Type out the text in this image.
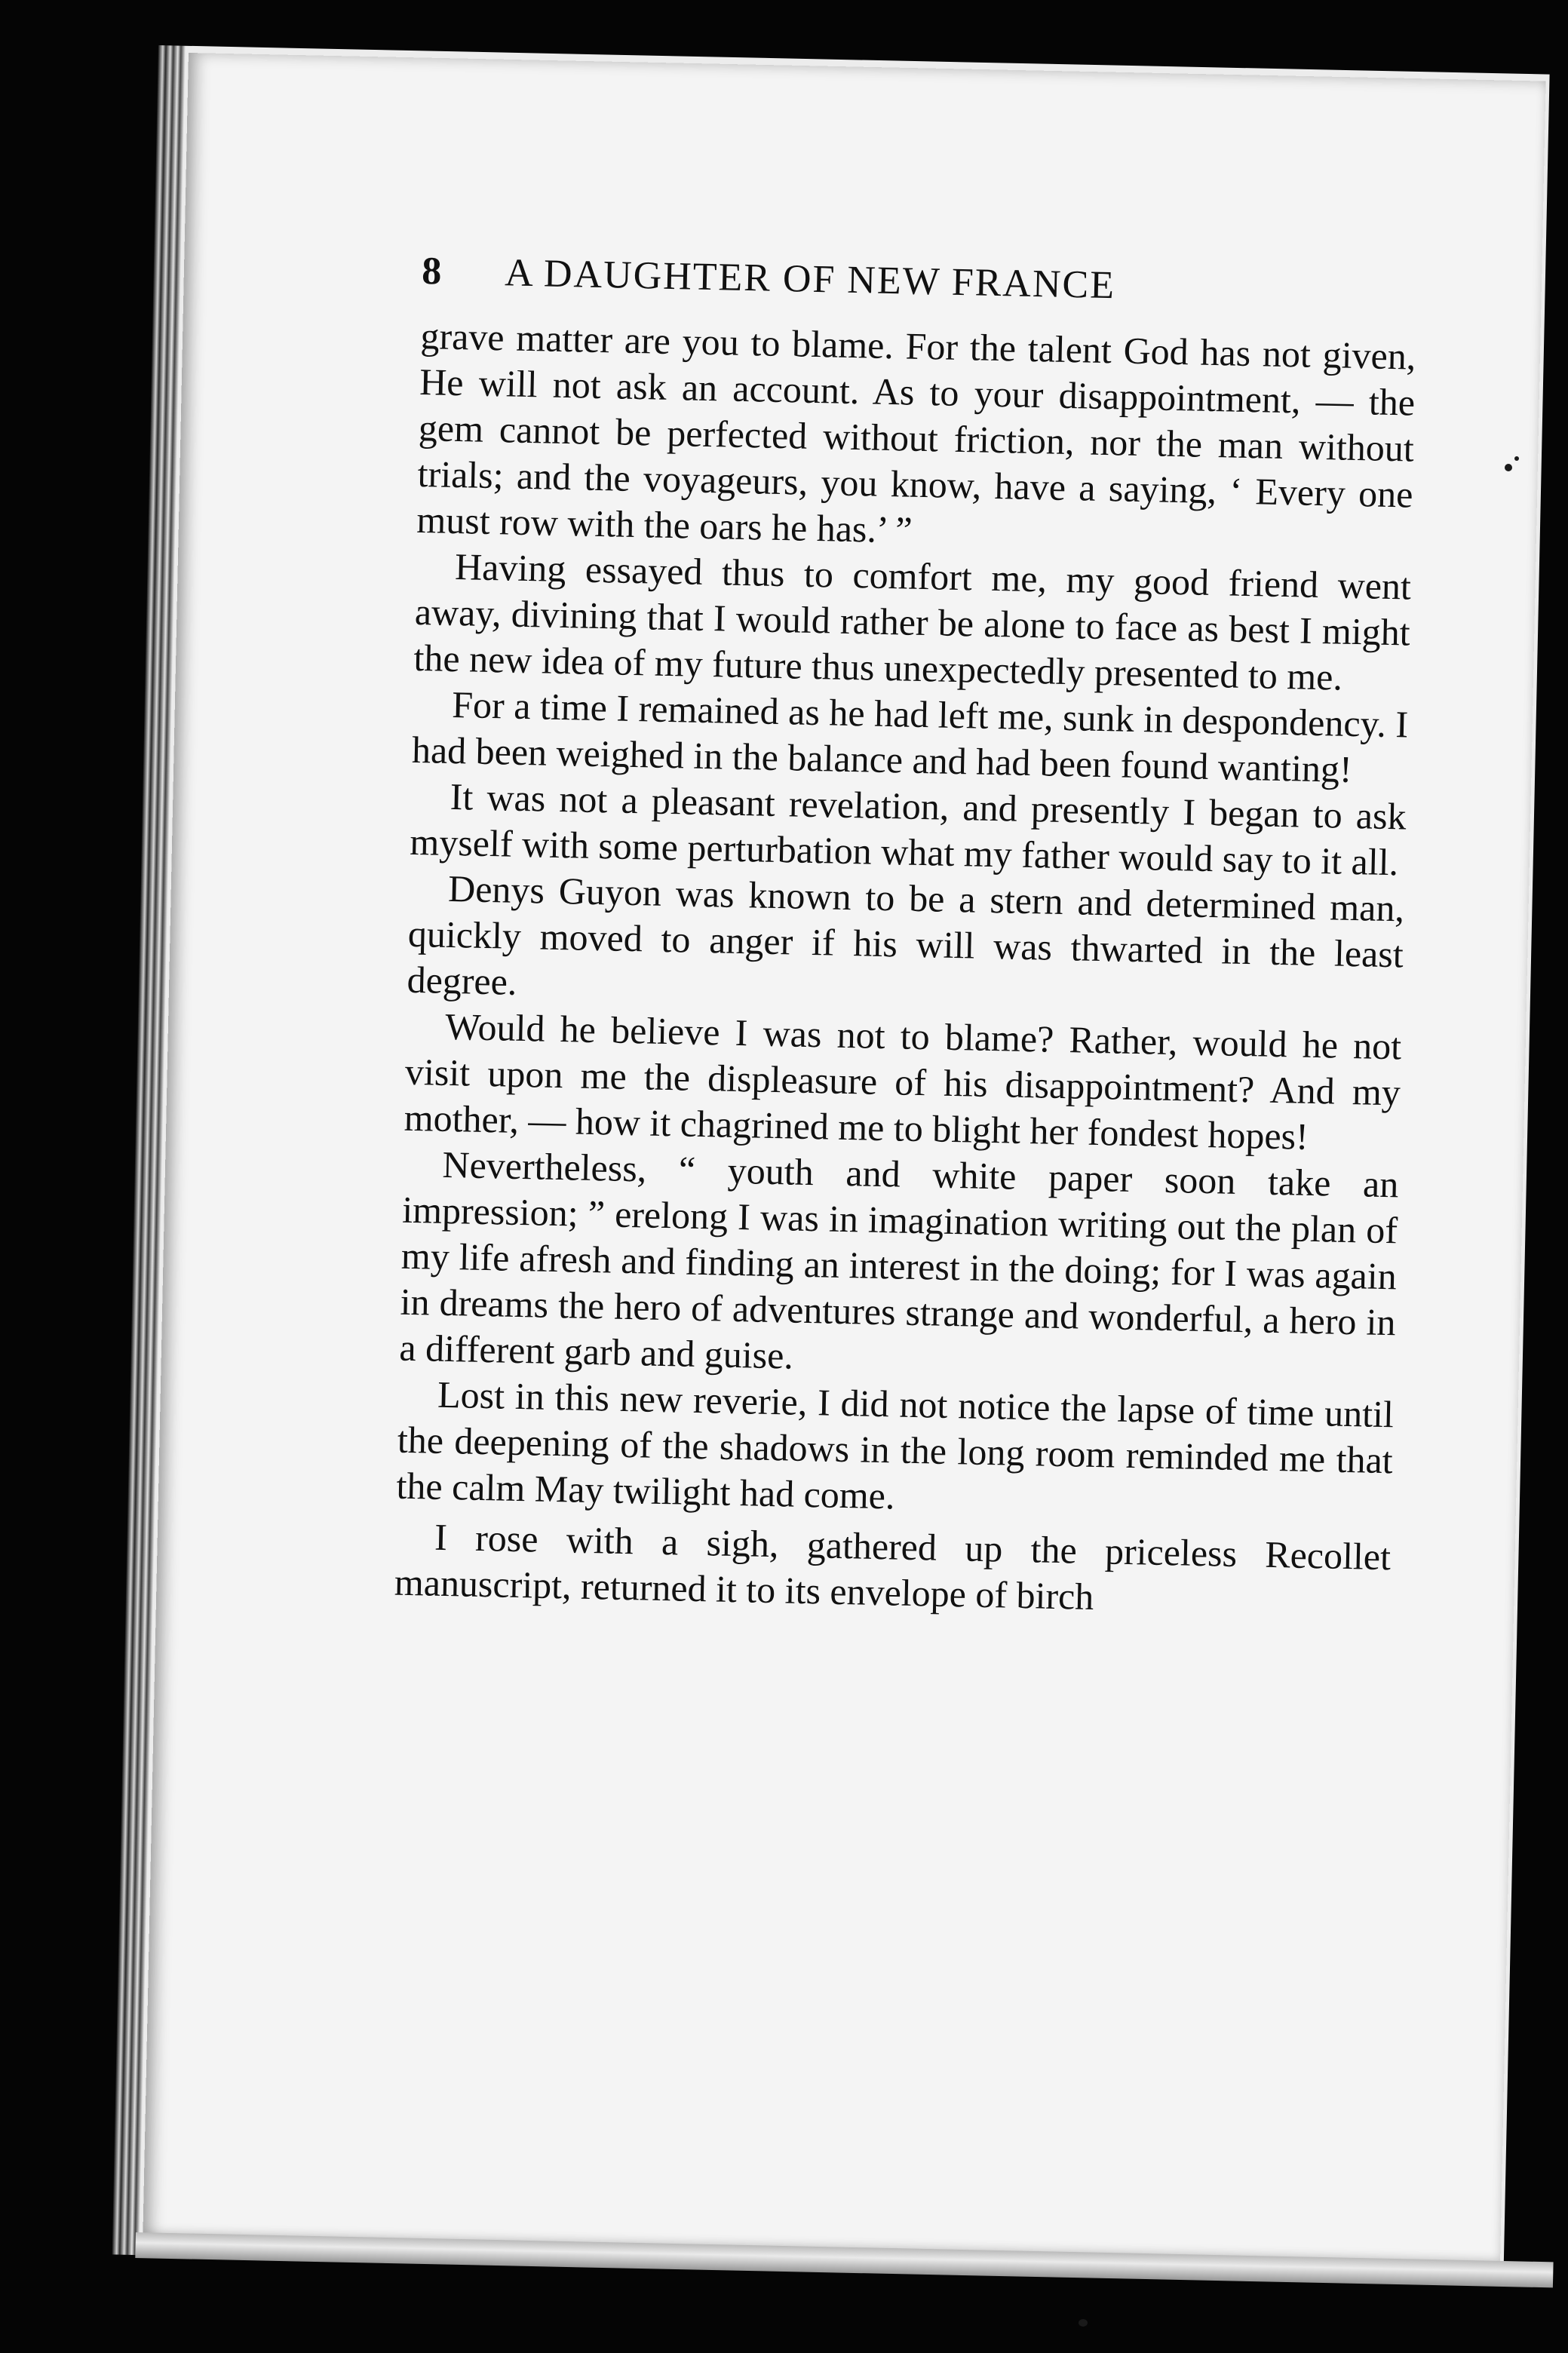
8	A DAUGHTER OF NEW FRANCE

grave matter are you to blame. For the talent God has not given, He will not ask an account. As to your disappointment, — the gem cannot be perfected without friction, nor the man without trials; and the voyageurs, you know, have a saying, ‘ Every one must row with the oars he has.’ ”

Having essayed thus to comfort me, my good friend went away, divining that I would rather be alone to face as best I might the new idea of my future thus unexpectedly presented to me.

For a time I remained as he had left me, sunk in despondency. I had been weighed in the balance and had been found wanting!

It was not a pleasant revelation, and presently I began to ask myself with some perturbation what my father would say to it all.

Denys Guyon was known to be a stern and determined man, quickly moved to anger if his will was thwarted in the least degree.

Would he believe I was not to blame? Rather, would he not visit upon me the displeasure of his disappointment? And my mother, — how it chagrined me to blight her fondest hopes!

Nevertheless, “ youth and white paper soon take an impression; ” erelong I was in imagination writing out the plan of my life afresh and finding an interest in the doing; for I was again in dreams the hero of adventures strange and wonderful, a hero in a different garb and guise.

Lost in this new reverie, I did not notice the lapse of time until the deepening of the shadows in the long room reminded me that the calm May twilight had come.

I rose with a sigh, gathered up the priceless Recollet manuscript, returned it to its envelope of birch
